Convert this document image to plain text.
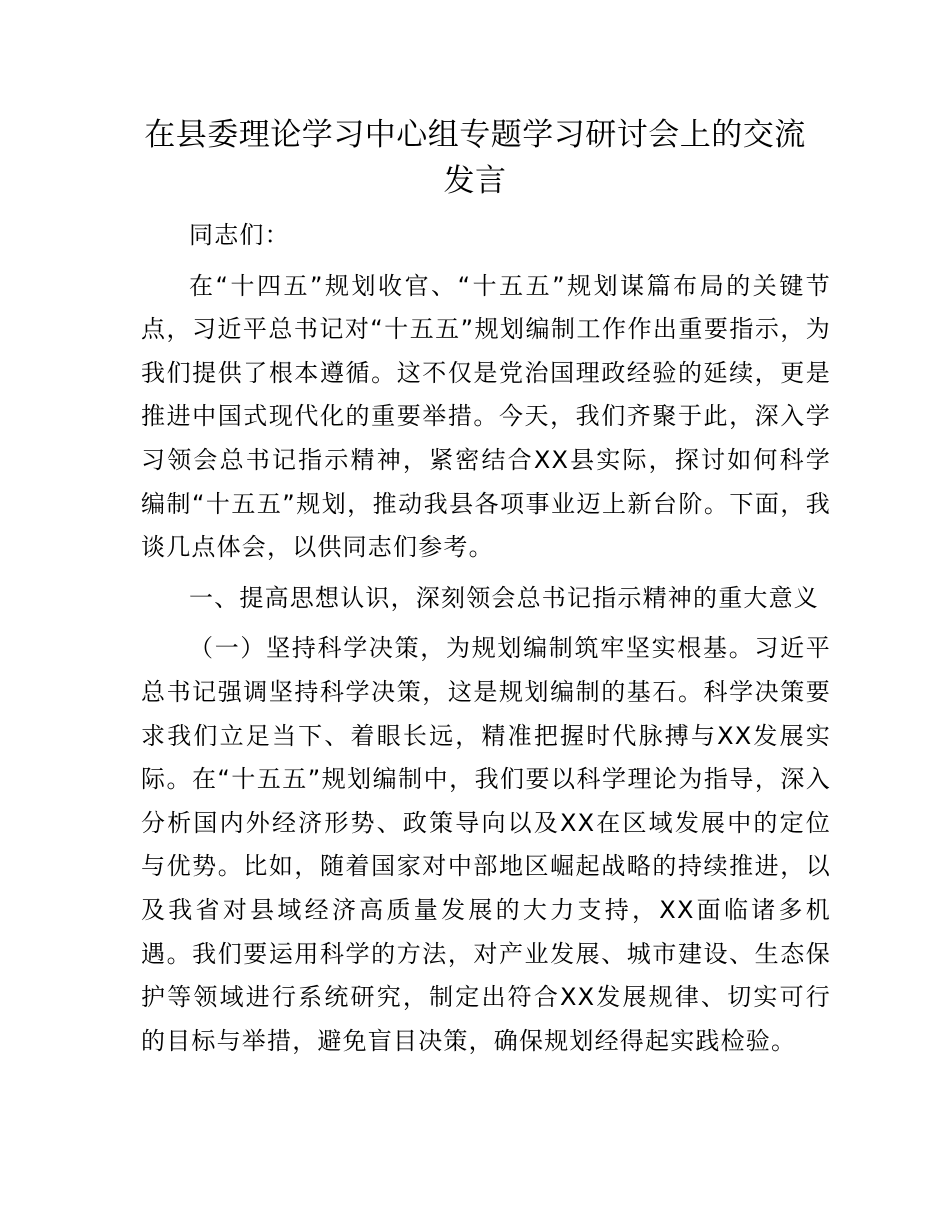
在县委理论学习中心组专题学习研讨会上的交流发言

同志们：

在“十四五”规划收官、“十五五”规划谋篇布局的关键节点，习近平总书记对“十五五”规划编制工作作出重要指示，为我们提供了根本遵循。这不仅是党治国理政经验的延续，更是推进中国式现代化的重要举措。今天，我们齐聚于此，深入学习领会总书记指示精神，紧密结合XX县实际，探讨如何科学编制“十五五”规划，推动我县各项事业迈上新台阶。下面，我谈几点体会，以供同志们参考。

一、提高思想认识，深刻领会总书记指示精神的重大意义

（一）坚持科学决策，为规划编制筑牢坚实根基。习近平总书记强调坚持科学决策，这是规划编制的基石。科学决策要求我们立足当下、着眼长远，精准把握时代脉搏与XX发展实际。在“十五五”规划编制中，我们要以科学理论为指导，深入分析国内外经济形势、政策导向以及XX在区域发展中的定位与优势。比如，随着国家对中部地区崛起战略的持续推进，以及我省对县域经济高质量发展的大力支持，XX面临诸多机遇。我们要运用科学的方法，对产业发展、城市建设、生态保护等领域进行系统研究，制定出符合XX发展规律、切实可行的目标与举措，避免盲目决策，确保规划经得起实践检验。
